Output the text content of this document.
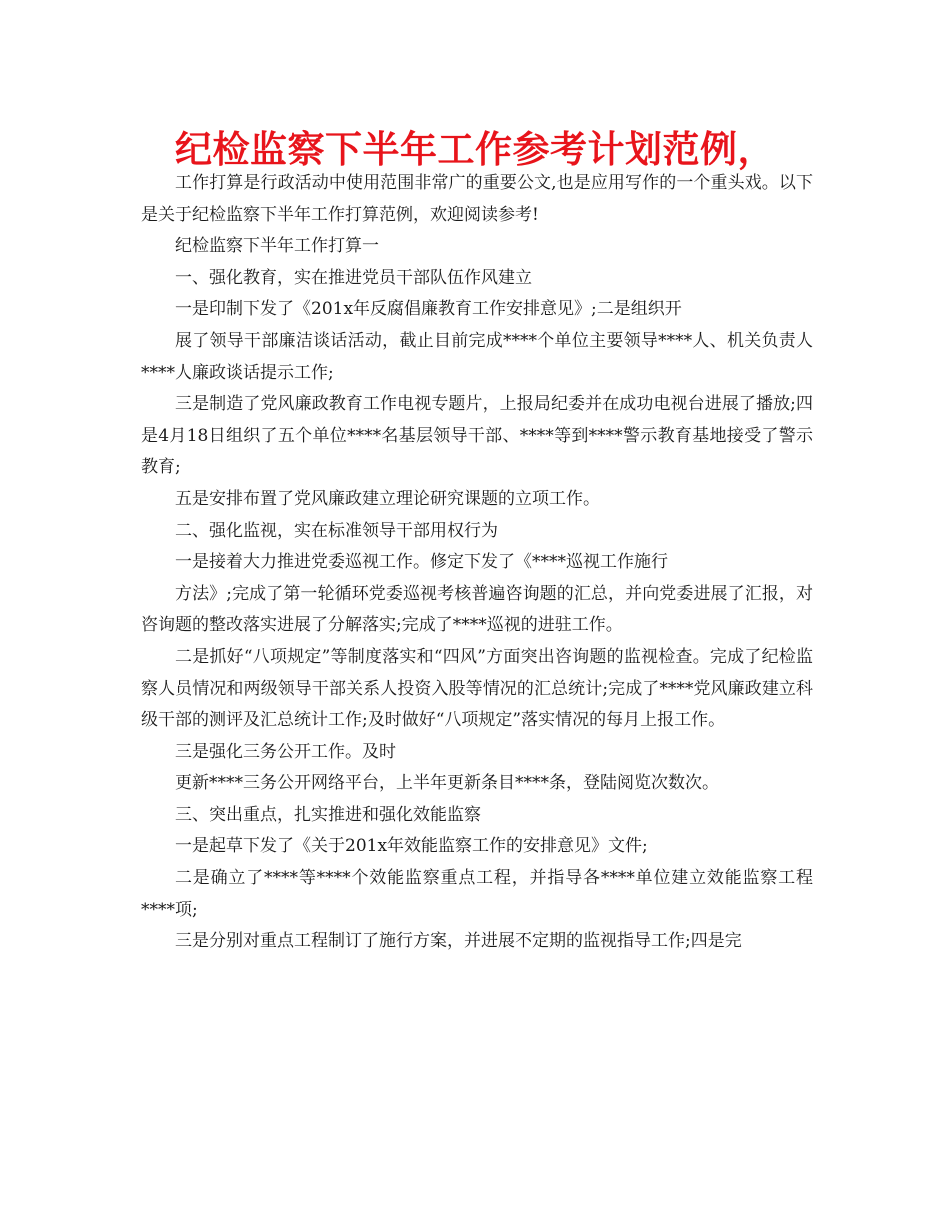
纪检监察下半年工作参考计划范例，

工作打算是行政活动中使用范围非常广的重要公文,也是应用写作的一个重头戏。以下是关于纪检监察下半年工作打算范例，欢迎阅读参考!

纪检监察下半年工作打算一

一、强化教育，实在推进党员干部队伍作风建立

一是印制下发了《201x年反腐倡廉教育工作安排意见》;二是组织开

展了领导干部廉洁谈话活动，截止目前完成****个单位主要领导****人、机关负责人****人廉政谈话提示工作;

三是制造了党风廉政教育工作电视专题片，上报局纪委并在成功电视台进展了播放;四是4月18日组织了五个单位****名基层领导干部、****等到****警示教育基地接受了警示教育;

五是安排布置了党风廉政建立理论研究课题的立项工作。

二、强化监视，实在标准领导干部用权行为

一是接着大力推进党委巡视工作。修定下发了《****巡视工作施行

方法》;完成了第一轮循环党委巡视考核普遍咨询题的汇总，并向党委进展了汇报，对咨询题的整改落实进展了分解落实;完成了****巡视的进驻工作。

二是抓好“八项规定”等制度落实和“四风”方面突出咨询题的监视检查。完成了纪检监察人员情况和两级领导干部关系人投资入股等情况的汇总统计;完成了****党风廉政建立科级干部的测评及汇总统计工作;及时做好“八项规定”落实情况的每月上报工作。

三是强化三务公开工作。及时

更新****三务公开网络平台，上半年更新条目****条，登陆阅览次数次。

三、突出重点，扎实推进和强化效能监察

一是起草下发了《关于201x年效能监察工作的安排意见》文件;

二是确立了****等****个效能监察重点工程，并指导各****单位建立效能监察工程****项;

三是分别对重点工程制订了施行方案，并进展不定期的监视指导工作;四是完
